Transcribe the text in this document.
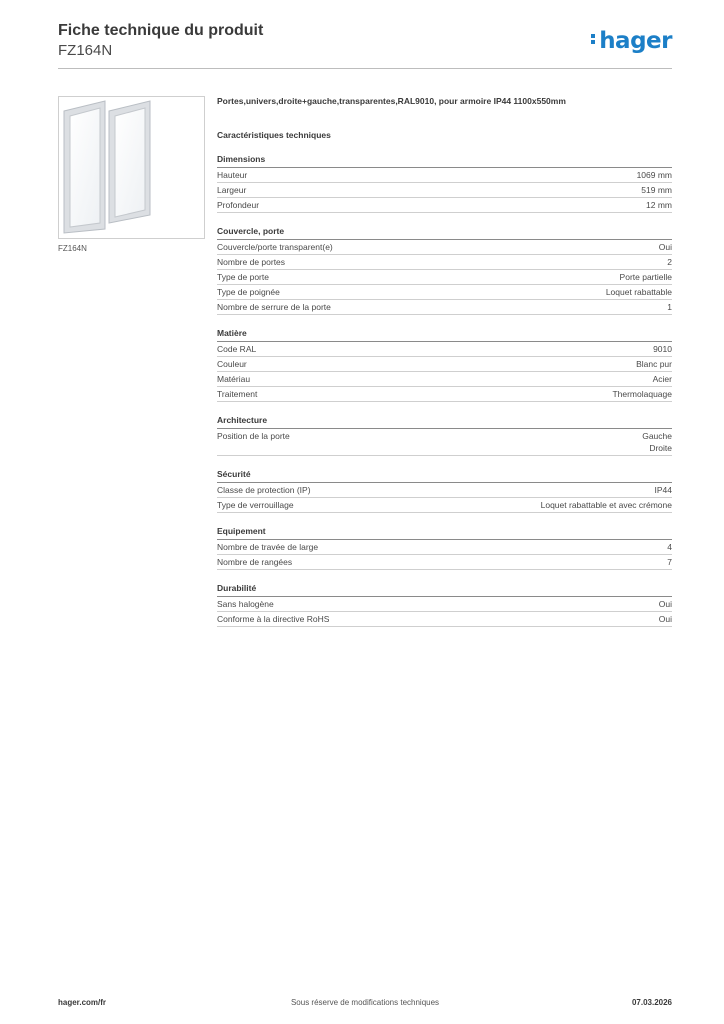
Fiche technique du produit

FZ164N	hager
FZ164N

Portes,univers,droite+gauche,transparentes,RAL9010, pour armoire IP44 1100x550mm

Caractéristiques techniques

Dimensions
Hauteur	1069 mm
Largeur	519 mm
Profondeur	12 mm
Couvercle, porte
Couvercle/porte transparent(e)	Oui
Nombre de portes	2
Type de porte	Porte partielle
Type de poignée	Loquet rabattable
Nombre de serrure de la porte	1
Matière
Code RAL	9010
Couleur	Blanc pur
Matériau	Acier
Traitement	Thermolaquage
Architecture
Position de la porte	Gauche
Droite
Sécurité
Classe de protection (IP)	IP44
Type de verrouillage	Loquet rabattable et avec crémone
Equipement
Nombre de travée de large	4
Nombre de rangées	7
Durabilité
Sans halogène	Oui
Conforme à la directive RoHS	Oui
hager.com/fr	Sous réserve de modifications techniques	07.03.2026
